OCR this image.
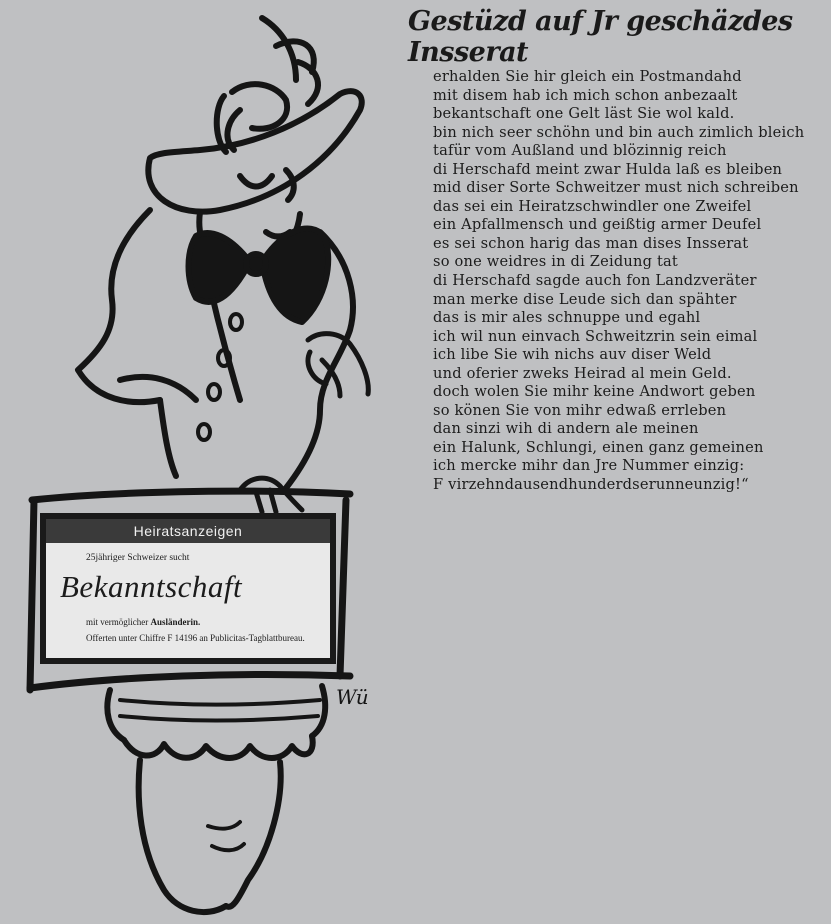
Wü
Heiratsanzeigen
25jähriger Schweizer sucht
Bekanntschaft
mit vermöglicher Ausländerin.
Offerten unter Chiffre F 14196 an Publicitas-Tagblattbureau.
Gestüzd auf Jr geschäzdes Insserat
erhalden Sie hir gleich ein Postmandahd
mit disem hab ich mich schon anbezaalt
bekantschaft one Gelt läst Sie wol kald.
bin nich seer schöhn und bin auch zimlich bleich
tafür vom Außland und blözinnig reich
di Herschafd meint zwar Hulda laß es bleiben
mid diser Sorte Schweitzer must nich schreiben
das sei ein Heiratzschwindler one Zweifel
ein Apfallmensch und geißtig armer Deufel
es sei schon harig das man dises Insserat
so one weidres in di Zeidung tat
di Herschafd sagde auch fon Landzveräter
man merke dise Leude sich dan spähter
das is mir ales schnuppe und egahl
ich wil nun einvach Schweitzrin sein eimal
ich libe Sie wih nichs auv diser Weld
und oferier zweks Heirad al mein Geld.
doch wolen Sie mihr keine Andwort geben
so könen Sie von mihr edwaß errleben
dan sinzi wih di andern ale meinen
ein Halunk, Schlungi, einen ganz gemeinen
ich mercke mihr dan Jre Nummer einzig:
F virzehndausendhunderdserunneunzig!“
